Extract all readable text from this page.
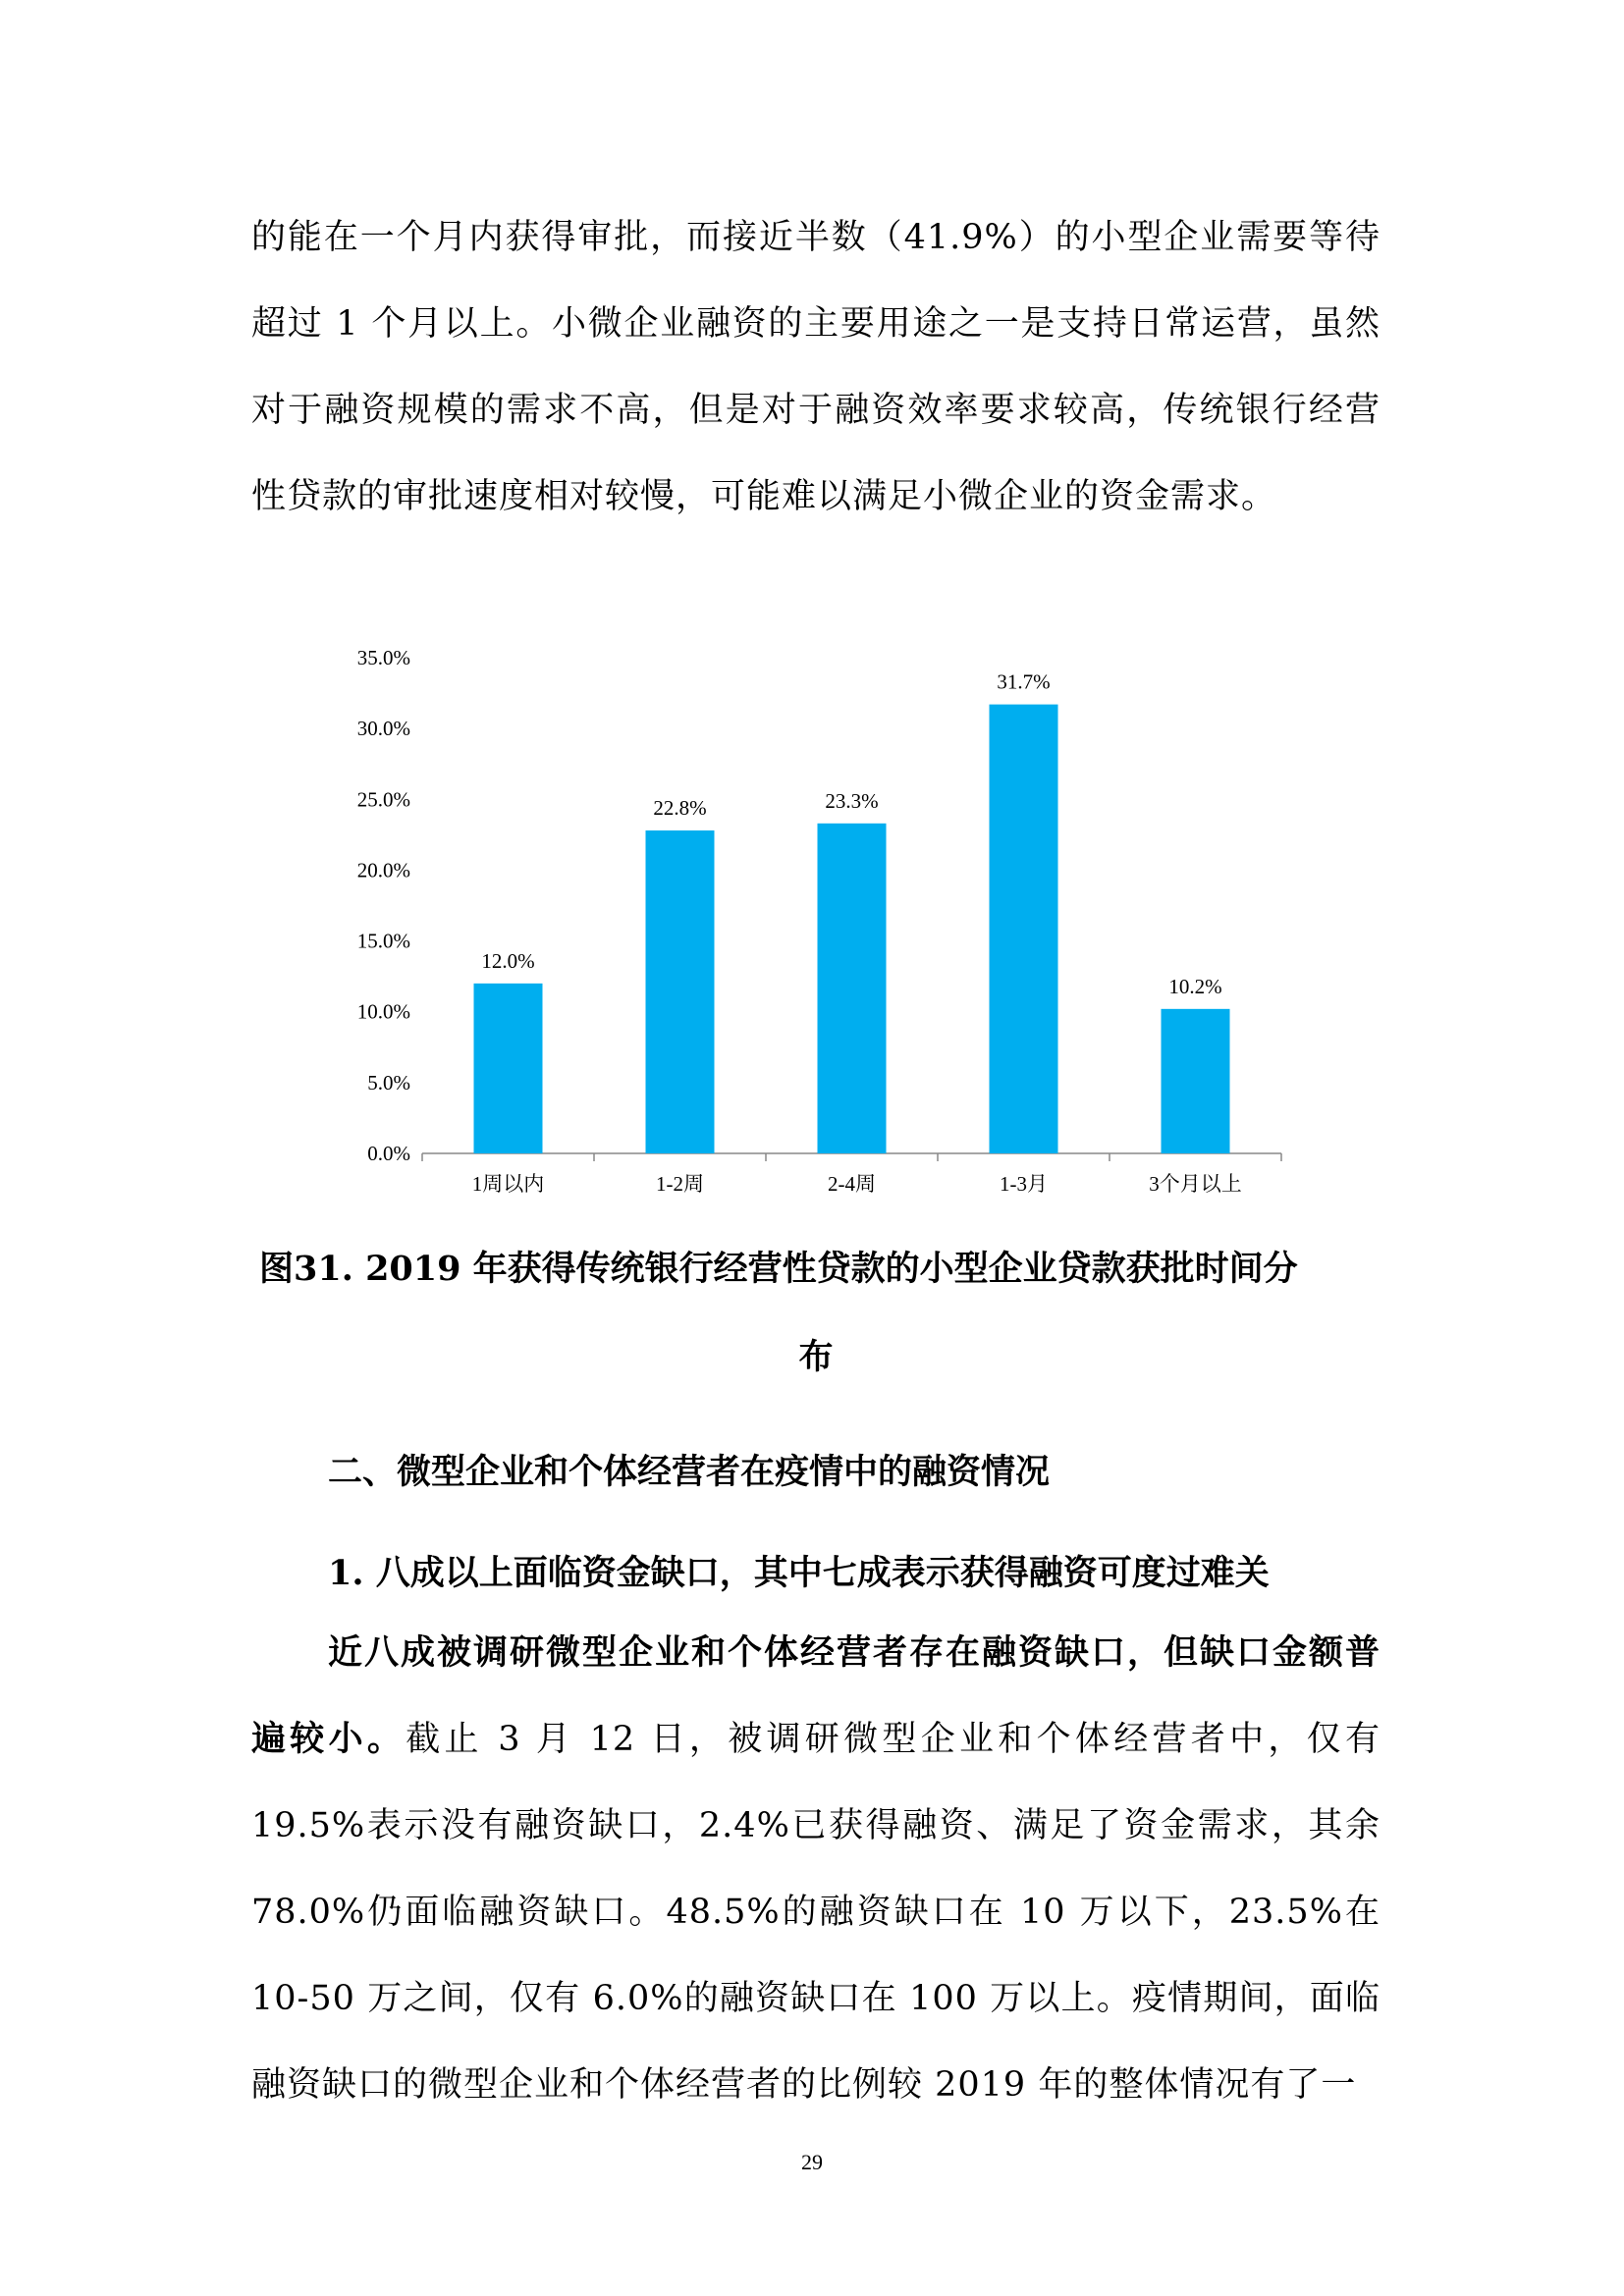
的能在一个月内获得审批，而接近半数（41.9%）的小型企业需要等待超过 1 个月以上。小微企业融资的主要用途之一是支持日常运营，虽然对于融资规模的需求不高，但是对于融资效率要求较高，传统银行经营性贷款的审批速度相对较慢，可能难以满足小微企业的资金需求。
0.0%
5.0%
10.0%
15.0%
20.0%
25.0%
30.0%
35.0%
12.0%
1周以内
22.8%
1-2周
23.3%
2-4周
31.7%
1-3月
10.2%
3个月以上
图31. 2019 年获得传统银行经营性贷款的小型企业贷款获批时间分
布
二、微型企业和个体经营者在疫情中的融资情况
1. 八成以上面临资金缺口，其中七成表示获得融资可度过难关
近八成被调研微型企业和个体经营者存在融资缺口，但缺口金额普遍较小。截止 3 月 12 日，被调研微型企业和个体经营者中，仅有 19.5%表示没有融资缺口，2.4%已获得融资、满足了资金需求，其余 78.0%仍面临融资缺口。48.5%的融资缺口在 10 万以下，23.5%在 10-50 万之间，仅有 6.0%的融资缺口在 100 万以上。疫情期间，面临融资缺口的微型企业和个体经营者的比例较 2019 年的整体情况有了一
29
